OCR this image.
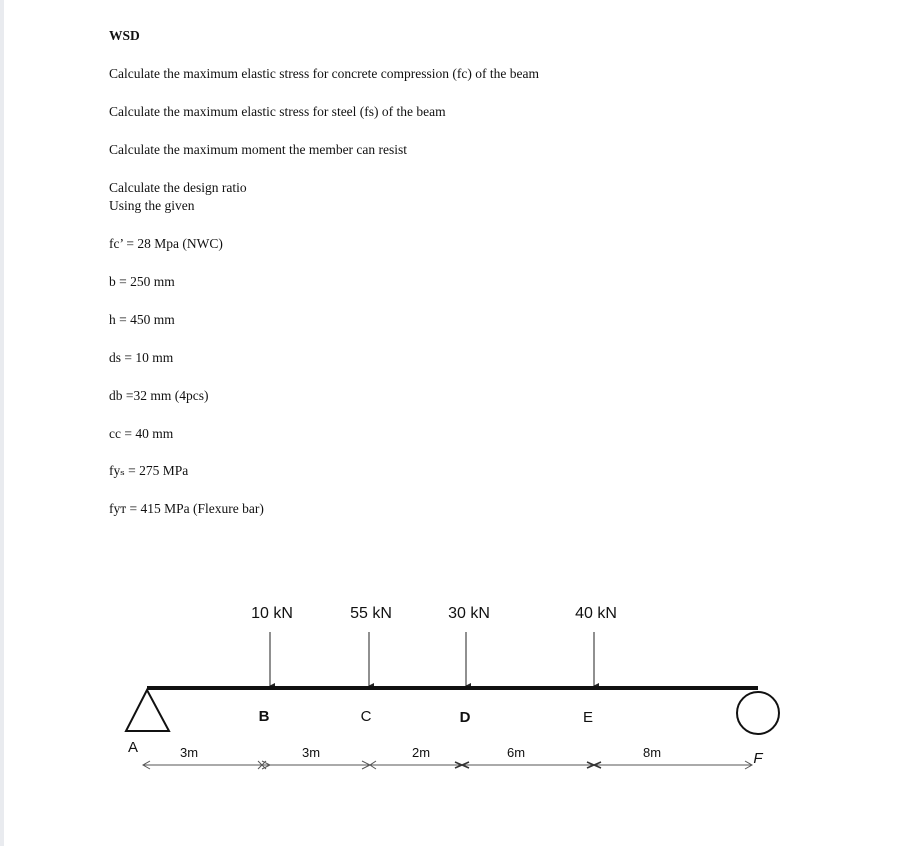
WSD
Calculate the maximum elastic stress for concrete compression (fc) of the beam
Calculate the maximum elastic stress for steel (fs) of the beam
Calculate the maximum moment the member can resist
Calculate the design ratio
Using the given
fc’ = 28 Mpa (NWC)
b = 250 mm
h = 450 mm
ds = 10 mm
db =32 mm (4pcs)
cc = 40 mm
fyₛ = 275 MPa
fyᴛ = 415 MPa (Flexure bar)
10 kN	55 kN	30 kN	40 kN
A
B	C	D	E
F
3m	3m	2m	6m	8m
